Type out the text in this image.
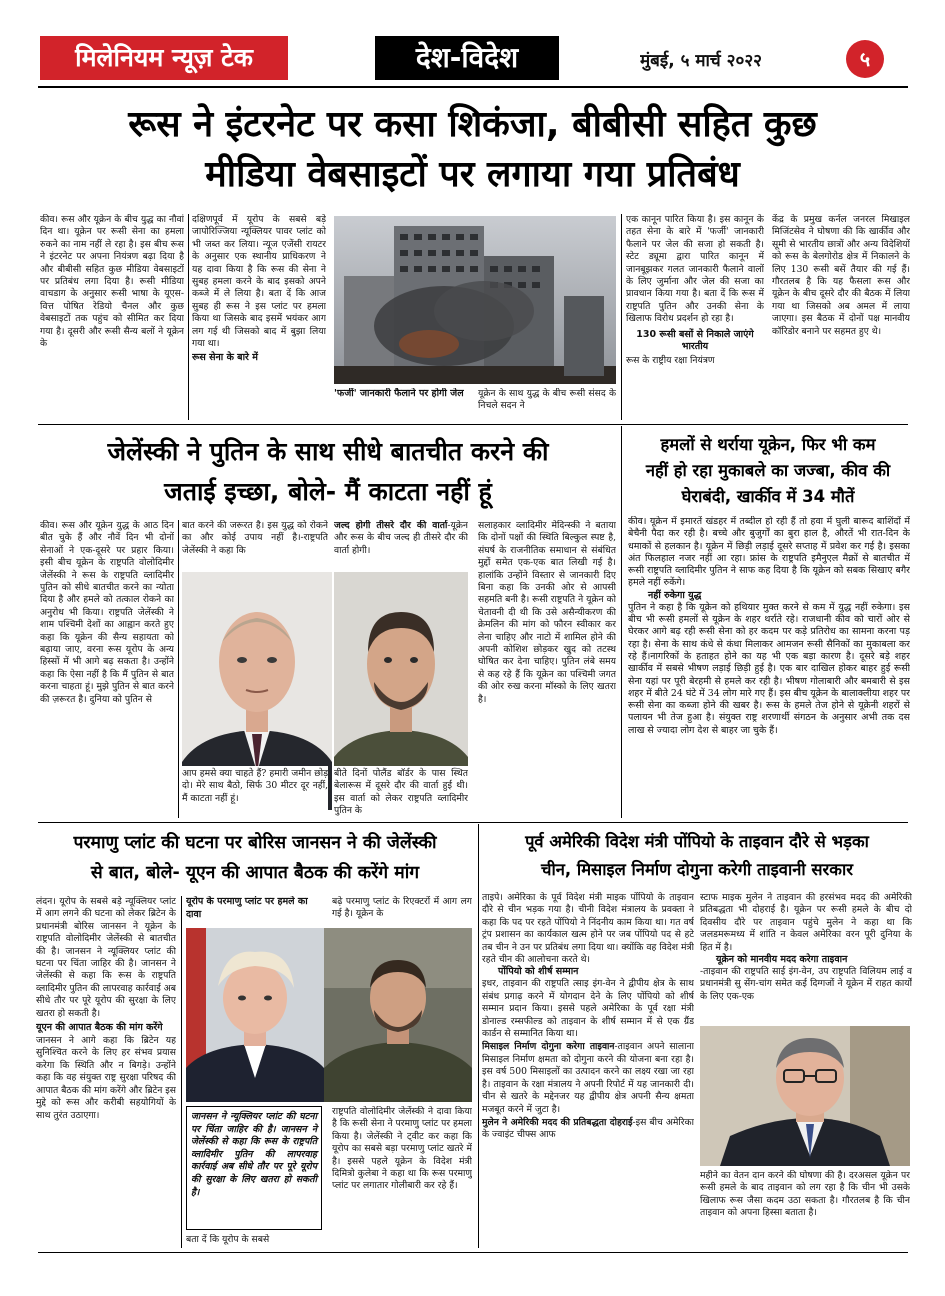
मिलेनियम न्यूज़ टेक	देश-विदेश	मुंबई, ५ मार्च २०२२	५
रूस ने इंटरनेट पर कसा शिकंजा, बीबीसी सहित कुछ
मीडिया वेबसाइटों पर लगाया गया प्रतिबंध

कीव। रूस और यूक्रेन के बीच युद्ध का नौवां दिन था। यूक्रेन पर रूसी सेना का हमला रुकने का नाम नहीं ले रहा है। इस बीच रूस ने इंटरनेट पर अपना नियंत्रण बढ़ा दिया है और बीबीसी सहित कुछ मीडिया वेबसाइटों पर प्रतिबंध लगा दिया है। रूसी मीडिया वाचडाग के अनुसार रूसी भाषा के यूएस-वित्त पोषित रेडियो चैनल और कुछ वेबसाइटों तक पहुंच को सीमित कर दिया गया है। दूसरी और रूसी सैन्य बलों ने यूक्रेन के

दक्षिणपूर्व में यूरोप के सबसे बड़े जापोरिज्जिया न्यूक्लियर पावर प्लांट को भी जब्त कर लिया। न्यूज एजेंसी रायटर के अनुसार एक स्थानीय प्राधिकरण ने यह दावा किया है कि रूस की सेना ने सुबह हमला करने के बाद इसको अपने कब्जे में ले लिया है। बता दें कि आज सुबह ही रूस ने इस प्लांट पर हमला किया था जिसके बाद इसमें भयंकर आग लग गई थी जिसको बाद में बुझा लिया गया था।

रूस सेना के बारे में
'फर्जी' जानकारी फैलाने पर होगी जेल	यूक्रेन के साथ युद्ध के बीच रूसी संसद के निचले सदन ने

एक कानून पारित किया है। इस कानून के तहत सेना के बारे में 'फर्जी' जानकारी फैलाने पर जेल की सजा हो सकती है। स्टेट ड्यूमा द्वारा पारित कानून में जानबूझकर गलत जानकारी फैलाने वालों के लिए जुर्माना और जेल की सजा का प्रावधान किया गया है। बता दें कि रूस में राष्ट्रपति पुतिन और उनकी सेना के खिलाफ विरोध प्रदर्शन हो रहा है।

130 रूसी बसों से निकाले जाएंगे भारतीय

रूस के राष्ट्रीय रक्षा नियंत्रण

केंद्र के प्रमुख कर्नल जनरल मिखाइल मिजिंटसेव ने घोषणा की कि खार्कीव और सूमी से भारतीय छात्रों और अन्य विदेशियों को रूस के बेलगोरोड क्षेत्र में निकालने के लिए 130 रूसी बसें तैयार की गई हैं। गौरतलब है कि यह फैसला रूस और यूक्रेन के बीच दूसरे दौर की बैठक में लिया गया था जिसको अब अमल में लाया जाएगा। इस बैठक में दोनों पक्ष मानवीय कॉरिडोर बनाने पर सहमत हुए थे।

जेलेंस्की ने पुतिन के साथ सीधे बातचीत करने की
जताई इच्छा, बोले- मैं काटता नहीं हूं

कीव। रूस और यूक्रेन युद्ध के आठ दिन बीत चुके हैं और नौवें दिन भी दोनों सेनाओं ने एक-दूसरे पर प्रहार किया। इसी बीच यूक्रेन के राष्ट्रपति वोलोदिमीर जेलेंस्की ने रूस के राष्ट्रपति व्लादिमीर पुतिन को सीधे बातचीत करने का न्योता दिया है और हमले को तत्काल रोकने का अनुरोध भी किया। राष्ट्रपति जेलेंस्की ने शाम पश्चिमी देशों का आह्वान करते हुए कहा कि यूक्रेन की सैन्य सहायता को बढ़ाया जाए, वरना रूस यूरोप के अन्य हिस्सों में भी आगे बढ़ सकता है। उन्होंने कहा कि ऐसा नहीं है कि मैं पुतिन से बात करना चाहता हूं। मुझे पुतिन से बात करने की ज़रूरत है। दुनिया को पुतिन से

बात करने की जरूरत है। इस युद्ध को रोकने का और कोई उपाय नहीं है।-राष्ट्रपति जेलेंस्की ने कहा कि
जल्द होगी तीसरे दौर की वार्ता-यूक्रेन और रूस के बीच जल्द ही तीसरे दौर की वार्ता होगी।
आप हमसे क्या चाहते हैं? हमारी जमीन छोड़ दो। मेरे साथ बैठो, सिर्फ 30 मीटर दूर नहीं, मैं काटता नहीं हूं।
बीते दिनों पोलैंड बॉर्डर के पास स्थित बेलारूस में दूसरे दौर की वार्ता हुई थी। इस वार्ता को लेकर राष्ट्रपति व्लादिमीर पुतिन के

सलाहकार व्लादिमीर मेदिन्स्की ने बताया कि दोनों पक्षों की स्थिति बिल्कुल स्पष्ट है, संघर्ष के राजनीतिक समाधान से संबंधित मुद्दों समेत एक-एक बात लिखी गई है। हालांकि उन्होंने विस्तार से जानकारी दिए बिना कहा कि उनकी ओर से आपसी सहमति बनी है। रूसी राष्ट्रपति ने यूक्रेन को चेतावनी दी थी कि उसे असैन्यीकरण की क्रेमलिन की मांग को फौरन स्वीकार कर लेना चाहिए और नाटो में शामिल होने की अपनी कोशिश छोड़कर खुद को तटस्थ घोषित कर देना चाहिए। पुतिन लंबे समय से कह रहे हैं कि यूक्रेन का पश्चिमी जगत की ओर रुख करना मॉस्को के लिए खतरा है।

हमलों से थर्राया यूक्रेन, फिर भी कम
नहीं हो रहा मुकाबले का जज्बा, कीव की
घेराबंदी, खार्कीव में 34 मौतें

कीव। यूक्रेन में इमारतें खंडहर में तब्दील हो रही हैं तो हवा में घुली बारूद बाशिंदों में बेचैनी पैदा कर रही है। बच्चे और बुजुर्गों का बुरा हाल है, औरतें भी रात-दिन के धमाकों से हलकान है। यूक्रेन में छिड़ी लड़ाई दूसरे सप्ताह में प्रवेश कर गई है। इसका अंत फिलहाल नजर नहीं आ रहा। फ्रांस के राष्ट्रपति इमैनुएल मैक्रों से बातचीत में रूसी राष्ट्रपति व्लादिमीर पुतिन ने साफ कह दिया है कि यूक्रेन को सबक सिखाए बगैर हमले नहीं रुकेंगे।

नहीं रुकेगा युद्ध

पुतिन ने कहा है कि यूक्रेन को हथियार मुक्त करने से कम में युद्ध नहीं रुकेगा। इस बीच भी रूसी हमलों से यूक्रेन के शहर थर्राते रहे। राजधानी कीव को चारों ओर से घेरकर आगे बढ़ रही रूसी सेना को हर कदम पर कड़े प्रतिरोध का सामना करना पड़ रहा है। सेना के साथ कंधे से कंधा मिलाकर आमजन रूसी सैनिकों का मुकाबला कर रहे हैं।नागरिकों के हताहत होने का यह भी एक बड़ा कारण है। दूसरे बड़े शहर खार्कीव में सबसे भीषण लड़ाई छिड़ी हुई है। एक बार दाखिल होकर बाहर हुई रूसी सेना यहां पर पूरी बेरहमी से हमले कर रही है। भीषण गोलाबारी और बमबारी से इस शहर में बीते 24 घंटे में 34 लोग मारे गए हैं। इस बीच यूक्रेन के बालाक्लीया शहर पर रूसी सेना का कब्जा होने की खबर है। रूस के हमले तेज होने से यूक्रेनी शहरों से पलायन भी तेज हुआ है। संयुक्त राष्ट्र शरणार्थी संगठन के अनुसार अभी तक दस लाख से ज्यादा लोग देश से बाहर जा चुके हैं।

परमाणु प्लांट की घटना पर बोरिस जानसन ने की जेलेंस्की
से बात, बोले- यूएन की आपात बैठक की करेंगे मांग

लंदन। यूरोप के सबसे बड़े न्यूक्लियर प्लांट में आग लगने की घटना को लेकर ब्रिटेन के प्रधानमंत्री बोरिस जानसन ने यूक्रेन के राष्ट्रपति वोलोदिमीर जेलेंस्की से बातचीत की है। जानसन ने न्यूक्लियर प्लांट की घटना पर चिंता जाहिर की है। जानसन ने जेलेंस्की से कहा कि रूस के राष्ट्रपति व्लादिमीर पुतिन की लापरवाह कार्रवाई अब सीधे तौर पर पूरे यूरोप की सुरक्षा के लिए खतरा हो सकती है।

यूएन की आपात बैठक की मांग करेंगे

जानसन ने आगे कहा कि ब्रिटेन यह सुनिश्चित करने के लिए हर संभव प्रयास करेगा कि स्थिति और न बिगड़े। उन्होंने कहा कि वह संयुक्त राष्ट्र सुरक्षा परिषद की आपात बैठक की मांग करेंगे और ब्रिटेन इस मुद्दे को रूस और करीबी सहयोगियों के साथ तुरंत उठाएगा।

यूरोप के परमाणु प्लांट पर हमले का दावा
बढ़े परमाणु प्लांट के रिएक्टरों में आग लग गई है। यूक्रेन के
जानसन ने न्यूक्लियर प्लांट की घटना पर चिंता जाहिर की है। जानसन ने जेलेंस्की से कहा कि रूस के राष्ट्रपति व्लादिमीर पुतिन की लापरवाह कार्रवाई अब सीधे तौर पर पूरे यूरोप की सुरक्षा के लिए खतरा हो सकती है।
बता दें कि यूरोप के सबसे
राष्ट्रपति वोलोदिमीर जेलेंस्की ने दावा किया है कि रूसी सेना ने परमाणु प्लांट पर हमला किया है। जेलेंस्की ने ट्वीट कर कहा कि यूरोप का सबसे बड़ा परमाणु प्लांट खतरे में है। इससे पहले यूक्रेन के विदेश मंत्री दिमित्रो कुलेबा ने कहा था कि रूस परमाणु प्लांट पर लगातार गोलीबारी कर रहे हैं।
पूर्व अमेरिकी विदेश मंत्री पोंपियो के ताइवान दौरे से भड़का
चीन, मिसाइल निर्माण दोगुना करेगी ताइवानी सरकार

ताइपे। अमेरिका के पूर्व विदेश मंत्री माइक पोंपियो के ताइवान दौरे से चीन भड़क गया है। चीनी विदेश मंत्रालय के प्रवक्ता ने कहा कि पद पर रहते पोंपियो ने निंदनीय काम किया था। गत वर्ष ट्रंप प्रशासन का कार्यकाल खत्म होने पर जब पोंपियो पद से हटे तब चीन ने उन पर प्रतिबंध लगा दिया था। क्योंकि वह विदेश मंत्री रहते चीन की आलोचना करते थे।

पोंपियो को शीर्ष सम्मान

इधर, ताइवान की राष्ट्रपति त्साइ इंग-वेन ने द्वीपीय क्षेत्र के साथ संबंध प्रगाढ़ करने में योगदान देने के लिए पोंपियो को शीर्ष सम्मान प्रदान किया। इससे पहले अमेरिका के पूर्व रक्षा मंत्री डोनाल्ड रम्सफील्ड को ताइवान के शीर्ष सम्मान में से एक ग्रैंड कार्डन से सम्मानित किया था।

मिसाइल निर्माण दोगुना करेगा ताइवान-ताइवान अपने सालाना मिसाइल निर्माण क्षमता को दोगुना करने की योजना बना रहा है। इस वर्ष 500 मिसाइलों का उत्पादन करने का लक्ष्य रखा जा रहा है। ताइवान के रक्षा मंत्रालय ने अपनी रिपोर्ट में यह जानकारी दी। चीन से खतरे के मद्देनजर यह द्वीपीय क्षेत्र अपनी सैन्य क्षमता मजबूत करने में जुटा है।

मुलेन ने अमेरिकी मदद की प्रतिबद्धता दोहराई-इस बीच अमेरिका के ज्वाइंट चीफ्स आफ

स्टाफ माइक मुलेन ने ताइवान की हरसंभव मदद की अमेरिकी प्रतिबद्धता भी दोहराई है। यूक्रेन पर रूसी हमले के बीच दो दिवसीय दौरे पर ताइवान पहुंचे मुलेन ने कहा था कि जलडमरूमध्य में शांति न केवल अमेरिका वरन पूरी दुनिया के हित में है।

यूक्रेन को मानवीय मदद करेगा ताइवान

-ताइवान की राष्ट्रपति साई इंग-वेन, उप राष्ट्रपति विलियम लाई व प्रधानमंत्री सु सेंग-चांग समेत कई दिग्गजों ने यूक्रेन में राहत कार्यों के लिए एक-एक

महीने का वेतन दान करने की घोषणा की है। दरअसल यूक्रेन पर रूसी हमले के बाद ताइवान को लग रहा है कि चीन भी उसके खिलाफ रूस जैसा कदम उठा सकता है। गौरतलब है कि चीन ताइवान को अपना हिस्सा बताता है।
